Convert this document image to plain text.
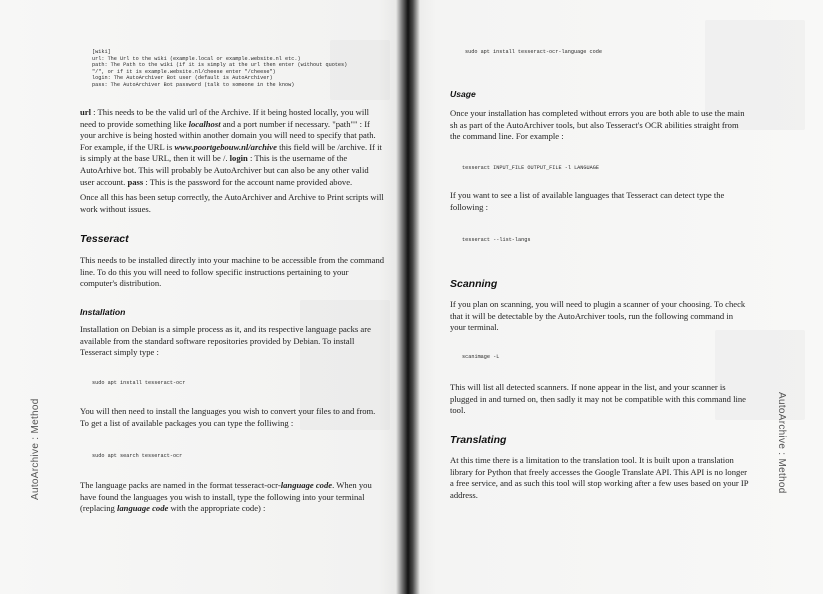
[wiki]
url: The Url to the wiki (example.local or example.website.nl etc.)
path: The Path to the wiki (if it is simply at the url then enter (without quotes)
"/", or if it is example.website.nl/cheese enter "/cheese")
login: The AutoArchiver Bot user (default is AutoArchiver)
pass: The AutoArchiver Bot password (talk to someone in the know)

url : This needs to be the valid url of the Archive. If it being hosted locally, you will need to provide something like localhost and a port number if necessary. "path"" : If your archive is being hosted within another domain you will need to specify that path. For example, if the URL is www.poortgebouw.nl/archive this field will be /archive. If it is simply at the base URL, then it will be /. login : This is the username of the AutoArhive bot. This will probably be AutoArchiver but can also be any other valid user account. pass : This is the password for the account name provided above.

Once all this has been setup correctly, the AutoArchiver and Archive to Print scripts will work without issues.

Tesseract

This needs to be installed directly into your machine to be accessible from the command line. To do this you will need to follow specific instructions pertaining to your computer's distribution.

Installation

Installation on Debian is a simple process as it, and its respective language packs are available from the standard software repositories provided by Debian. To install Tesseract simply type :

sudo apt install tesseract-ocr

You will then need to install the languages you wish to convert your files to and from. To get a list of available packages you can type the folliwing :

sudo apt search tesseract-ocr

The language packs are named in the format tesseract-ocr-language code. When you have found the languages you wish to install, type the following into your terminal (replacing language code with the appropriate code) :

AutoArchive : Method
sudo apt install tesseract-ocr-language code
Usage

Once your installation has completed without errors you are both able to use the main sh as part of the AutoArchiver tools, but also Tesseract's OCR abilities straight from the command line. For example :

tesseract INPUT_FILE OUTPUT_FILE -l LANGUAGE

If you want to see a list of available languages that Tesseract can detect type the following :

tesseract --list-langs
Scanning

If you plan on scanning, you will need to plugin a scanner of your choosing. To check that it will be detectable by the AutoArchiver tools, run the following command in your terminal.

scanimage -L

This will list all detected scanners. If none appear in the list, and your scanner is plugged in and turned on, then sadly it may not be compatible with this command line tool.

Translating

At this time there is a limitation to the translation tool. It is built upon a translation library for Python that freely accesses the Google Translate API. This API is no longer a free service, and as such this tool will stop working after a few uses based on your IP address.

AutoArchive : Method
